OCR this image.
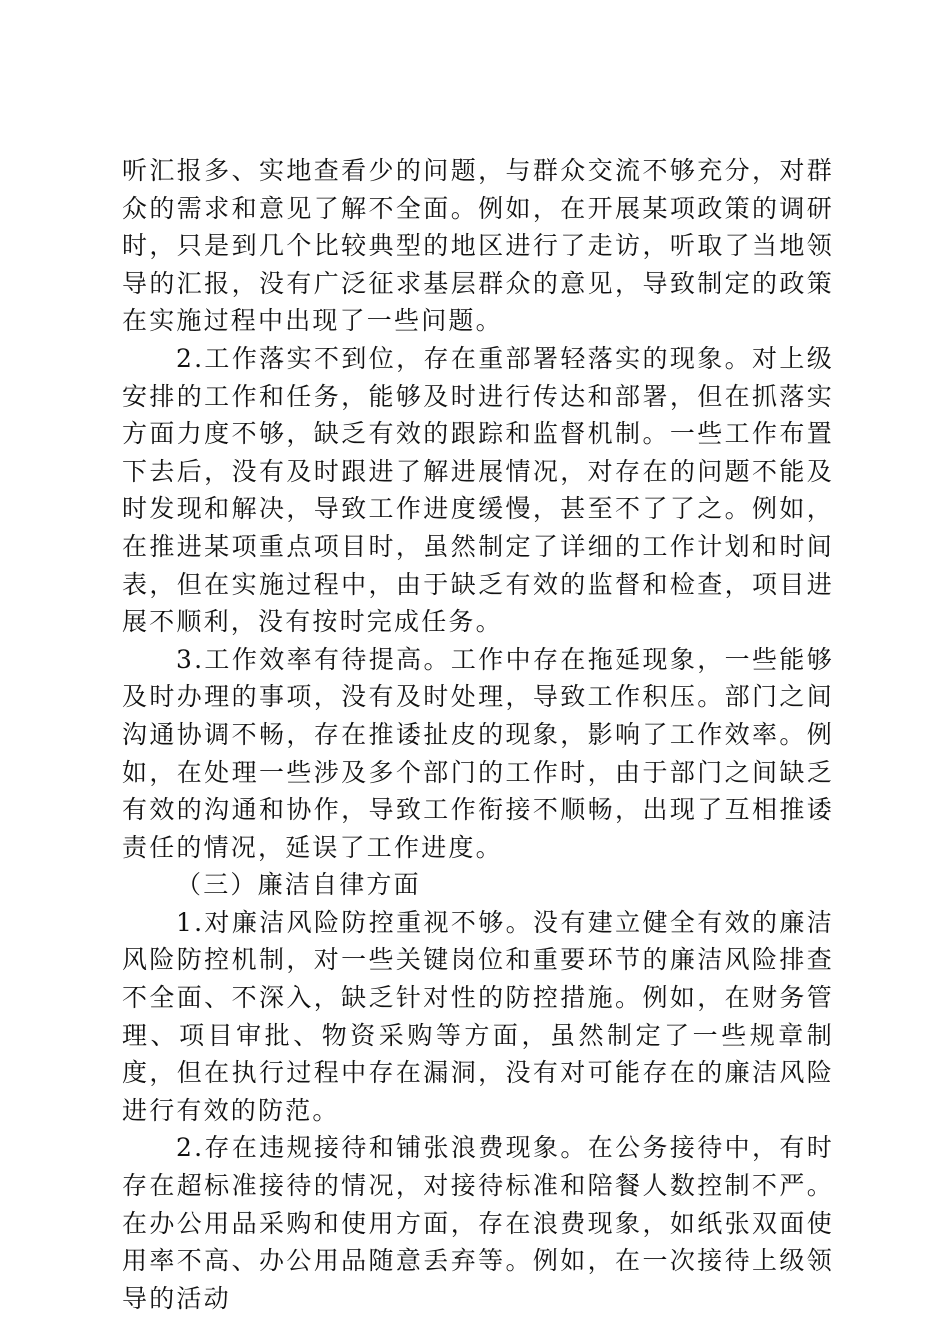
听汇报多、实地查看少的问题，与群众交流不够充分，对群众的需求和意见了解不全面。例如，在开展某项政策的调研时，只是到几个比较典型的地区进行了走访，听取了当地领导的汇报，没有广泛征求基层群众的意见，导致制定的政策在实施过程中出现了一些问题。

2.工作落实不到位，存在重部署轻落实的现象。对上级安排的工作和任务，能够及时进行传达和部署，但在抓落实方面力度不够，缺乏有效的跟踪和监督机制。一些工作布置下去后，没有及时跟进了解进展情况，对存在的问题不能及时发现和解决，导致工作进度缓慢，甚至不了了之。例如，在推进某项重点项目时，虽然制定了详细的工作计划和时间表，但在实施过程中，由于缺乏有效的监督和检查，项目进展不顺利，没有按时完成任务。

3.工作效率有待提高。工作中存在拖延现象，一些能够及时办理的事项，没有及时处理，导致工作积压。部门之间沟通协调不畅，存在推诿扯皮的现象，影响了工作效率。例如，在处理一些涉及多个部门的工作时，由于部门之间缺乏有效的沟通和协作，导致工作衔接不顺畅，出现了互相推诿责任的情况，延误了工作进度。

（三）廉洁自律方面

1.对廉洁风险防控重视不够。没有建立健全有效的廉洁风险防控机制，对一些关键岗位和重要环节的廉洁风险排查不全面、不深入，缺乏针对性的防控措施。例如，在财务管理、项目审批、物资采购等方面，虽然制定了一些规章制度，但在执行过程中存在漏洞，没有对可能存在的廉洁风险进行有效的防范。

2.存在违规接待和铺张浪费现象。在公务接待中，有时存在超标准接待的情况，对接待标准和陪餐人数控制不严。在办公用品采购和使用方面，存在浪费现象，如纸张双面使用率不高、办公用品随意丢弃等。例如，在一次接待上级领导的活动
